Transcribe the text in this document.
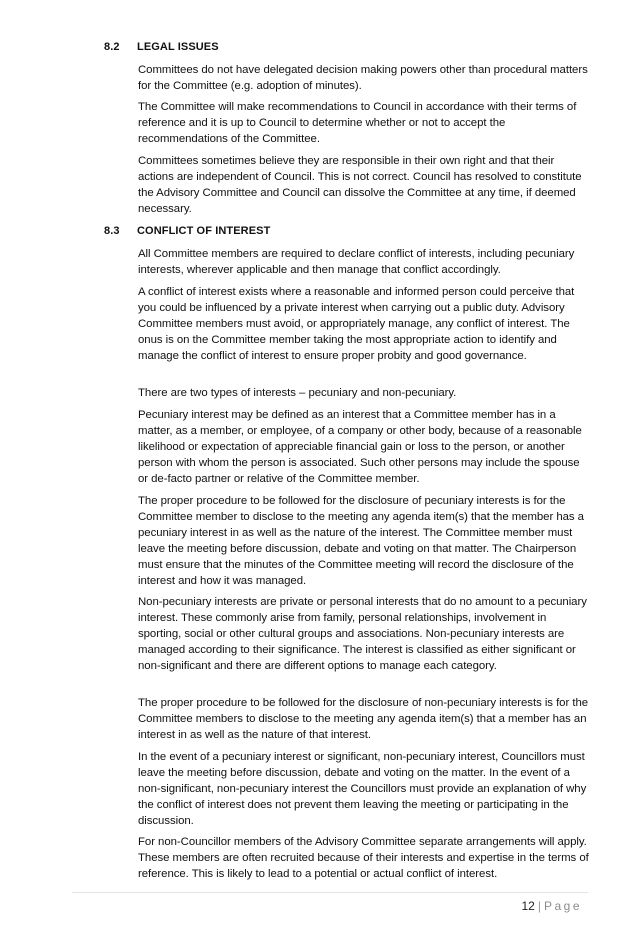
8.2 LEGAL ISSUES

Committees do not have delegated decision making powers other than procedural matters for the Committee (e.g. adoption of minutes).

The Committee will make recommendations to Council in accordance with their terms of reference and it is up to Council to determine whether or not to accept the recommendations of the Committee.

Committees sometimes believe they are responsible in their own right and that their actions are independent of Council. This is not correct. Council has resolved to constitute the Advisory Committee and Council can dissolve the Committee at any time, if deemed necessary.

8.3 CONFLICT OF INTEREST

All Committee members are required to declare conflict of interests, including pecuniary interests, wherever applicable and then manage that conflict accordingly.

A conflict of interest exists where a reasonable and informed person could perceive that you could be influenced by a private interest when carrying out a public duty. Advisory Committee members must avoid, or appropriately manage, any conflict of interest. The onus is on the Committee member taking the most appropriate action to identify and manage the conflict of interest to ensure proper probity and good governance.

There are two types of interests – pecuniary and non-pecuniary.

Pecuniary interest may be defined as an interest that a Committee member has in a matter, as a member, or employee, of a company or other body, because of a reasonable likelihood or expectation of appreciable financial gain or loss to the person, or another person with whom the person is associated. Such other persons may include the spouse or de-facto partner or relative of the Committee member.

The proper procedure to be followed for the disclosure of pecuniary interests is for the Committee member to disclose to the meeting any agenda item(s) that the member has a pecuniary interest in as well as the nature of the interest. The Committee member must leave the meeting before discussion, debate and voting on that matter. The Chairperson must ensure that the minutes of the Committee meeting will record the disclosure of the interest and how it was managed.

Non-pecuniary interests are private or personal interests that do no amount to a pecuniary interest. These commonly arise from family, personal relationships, involvement in sporting, social or other cultural groups and associations. Non-pecuniary interests are managed according to their significance. The interest is classified as either significant or non-significant and there are different options to manage each category.

The proper procedure to be followed for the disclosure of non-pecuniary interests is for the Committee members to disclose to the meeting any agenda item(s) that a member has an interest in as well as the nature of that interest.

In the event of a pecuniary interest or significant, non-pecuniary interest, Councillors must leave the meeting before discussion, debate and voting on the matter. In the event of a non-significant, non-pecuniary interest the Councillors must provide an explanation of why the conflict of interest does not prevent them leaving the meeting or participating in the discussion.

For non-Councillor members of the Advisory Committee separate arrangements will apply. These members are often recruited because of their interests and expertise in the terms of reference. This is likely to lead to a potential or actual conflict of interest.

12 | Page
